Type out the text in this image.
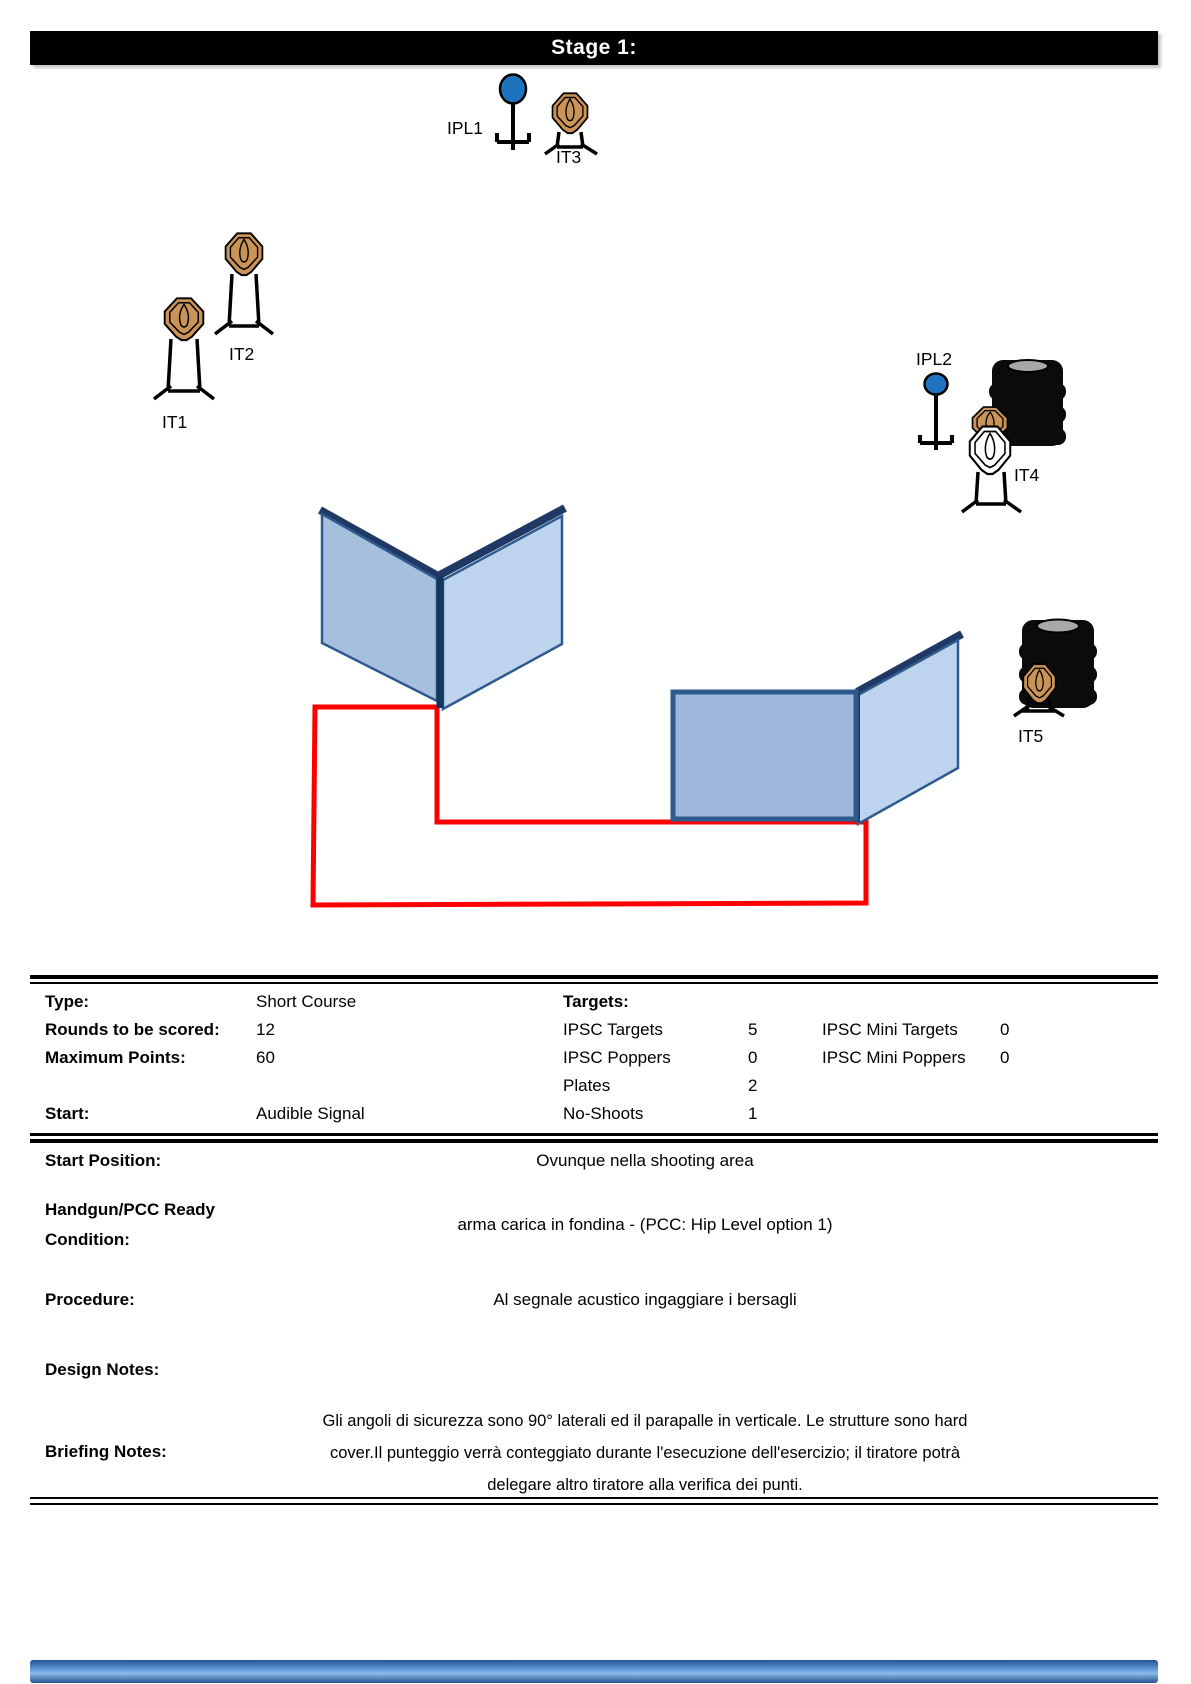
Stage 1:
IPL1
IT3
IT2
IT1
IPL2
IT4
IT5
Type:	Short Course	Targets:
Rounds to be scored: 12	IPSC Targets	5	IPSC Mini Targets 0
Maximum Points:	60	IPSC Poppers	0	IPSC Mini Poppers 0
Plates	2
Start:	Audible Signal	No-Shoots	1
Start Position:	Ovunque nella shooting area
Handgun/PCC Ready Condition:
arma carica in fondina - (PCC: Hip Level option 1)
Procedure:	Al segnale acustico ingaggiare i bersagli
Design Notes:
Briefing Notes:
Gli angoli di sicurezza sono 90° laterali ed il parapalle in verticale. Le strutture sono hard
cover.Il punteggio verrà conteggiato durante l'esecuzione dell'esercizio; il tiratore potrà
delegare altro tiratore alla verifica dei punti.
